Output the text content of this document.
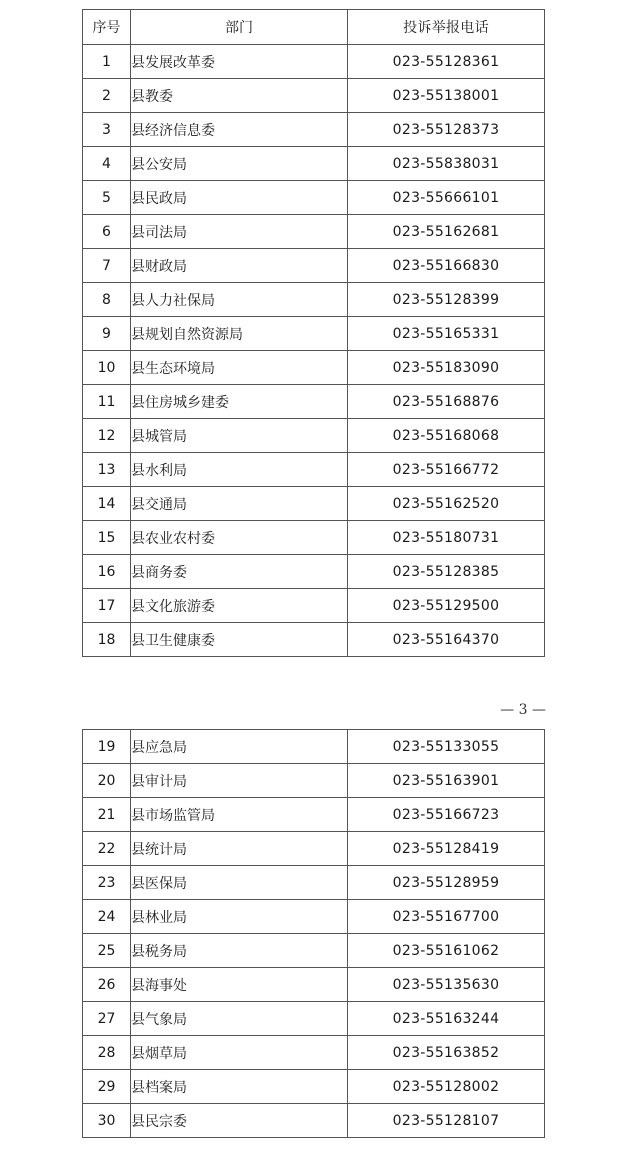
序号	部门	投诉举报电话
1	县发展改革委	023-55128361
2	县教委	023-55138001
3	县经济信息委	023-55128373
4	县公安局	023-55838031
5	县民政局	023-55666101
6	县司法局	023-55162681
7	县财政局	023-55166830
8	县人力社保局	023-55128399
9	县规划自然资源局	023-55165331
10	县生态环境局	023-55183090
11	县住房城乡建委	023-55168876
12	县城管局	023-55168068
13	县水利局	023-55166772
14	县交通局	023-55162520
15	县农业农村委	023-55180731
16	县商务委	023-55128385
17	县文化旅游委	023-55129500
18	县卫生健康委	023-55164370
— 3 —
19	县应急局	023-55133055
20	县审计局	023-55163901
21	县市场监管局	023-55166723
22	县统计局	023-55128419
23	县医保局	023-55128959
24	县林业局	023-55167700
25	县税务局	023-55161062
26	县海事处	023-55135630
27	县气象局	023-55163244
28	县烟草局	023-55163852
29	县档案局	023-55128002
30	县民宗委	023-55128107
